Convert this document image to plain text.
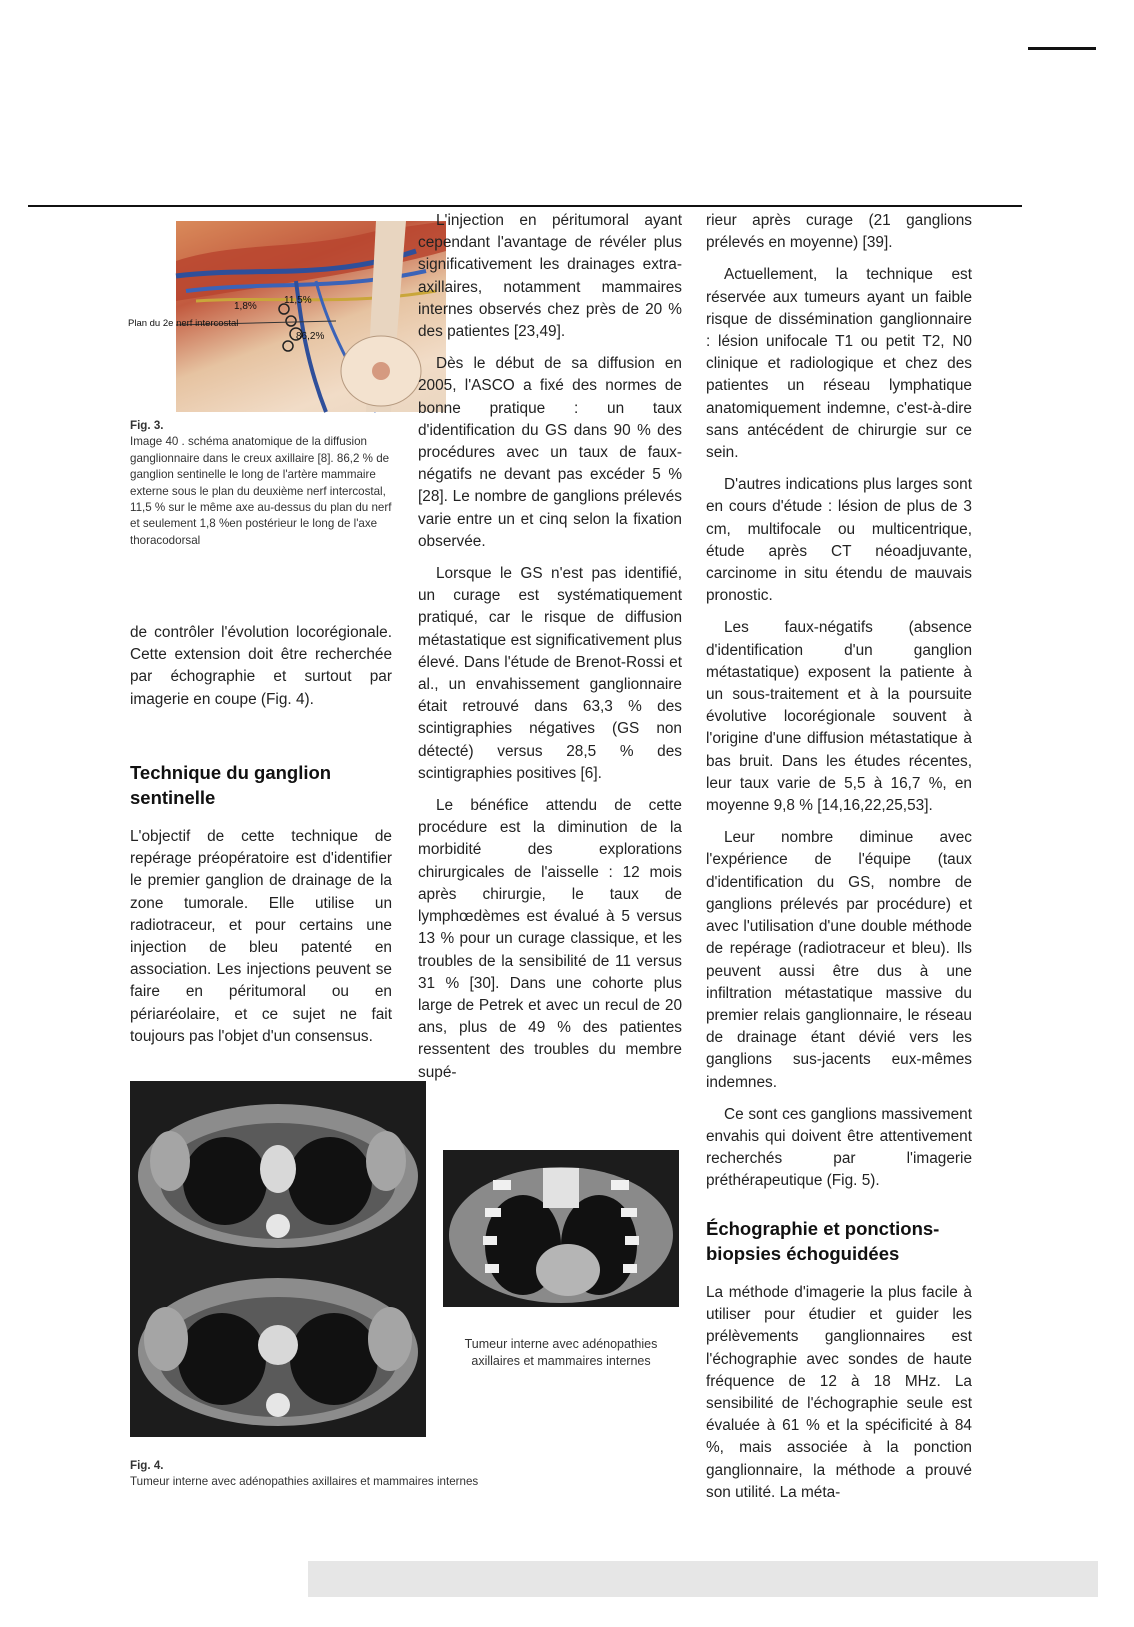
1,8%
11,5%
86,2%
Plan du 2e nerf intercostal
Fig. 3.
Image 40 . schéma anatomique de la diffusion ganglionnaire dans le creux axillaire [8]. 86,2 % de ganglion sentinelle le long de l'artère mammaire externe sous le plan du deuxième nerf intercostal, 11,5 % sur le même axe au-dessus du plan du nerf et seulement 1,8 %en postérieur le long de l'axe thoracodorsal

de contrôler l'évolution locorégionale. Cette extension doit être recherchée par échographie et surtout par imagerie en coupe (Fig. 4).

Technique du ganglion sentinelle

L'objectif de cette technique de repérage préopératoire est d'identifier le premier ganglion de drainage de la zone tumorale. Elle utilise un radiotraceur, et pour certains une injection de bleu patenté en association. Les injections peuvent se faire en péritumoral ou en périaréolaire, et ce sujet ne fait toujours pas l'objet d'un consensus.

L'injection en péritumoral ayant cependant l'avantage de révéler plus significativement les drainages extra-axillaires, notamment mammaires internes observés chez près de 20 % des patientes [23,49].

Dès le début de sa diffusion en 2005, l'ASCO a fixé des normes de bonne pratique : un taux d'identification du GS dans 90 % des procédures avec un taux de faux-négatifs ne devant pas excéder 5 % [28]. Le nombre de ganglions prélevés varie entre un et cinq selon la fixation observée.

Lorsque le GS n'est pas identifié, un curage est systématiquement pratiqué, car le risque de diffusion métastatique est significativement plus élevé. Dans l'étude de Brenot-Rossi et al., un envahissement ganglionnaire était retrouvé dans 63,3 % des scintigraphies négatives (GS non détecté) versus 28,5 % des scintigraphies positives [6].

Le bénéfice attendu de cette procédure est la diminution de la morbidité des explorations chirurgicales de l'aisselle : 12 mois après chirurgie, le taux de lymphœdèmes est évalué à 5 versus 13 % pour un curage classique, et les troubles de la sensibilité de 11 versus 31 % [30]. Dans une cohorte plus large de Petrek et avec un recul de 20 ans, plus de 49 % des patientes ressentent des troubles du membre supé-

rieur après curage (21 ganglions prélevés en moyenne) [39].

Actuellement, la technique est réservée aux tumeurs ayant un faible risque de dissémination ganglionnaire : lésion unifocale T1 ou petit T2, N0 clinique et radiologique et chez des patientes un réseau lymphatique anatomiquement indemne, c'est-à-dire sans antécédent de chirurgie sur ce sein.

D'autres indications plus larges sont en cours d'étude : lésion de plus de 3 cm, multifocale ou multicentrique, étude après CT néoadjuvante, carcinome in situ étendu de mauvais pronostic.

Les faux-négatifs (absence d'identification d'un ganglion métastatique) exposent la patiente à un sous-traitement et à la poursuite évolutive locorégionale souvent à l'origine d'une diffusion métastatique à bas bruit. Dans les études récentes, leur taux varie de 5,5 à 16,7 %, en moyenne 9,8 % [14,16,22,25,53].

Leur nombre diminue avec l'expérience de l'équipe (taux d'identification du GS, nombre de ganglions prélevés par procédure) et avec l'utilisation d'une double méthode de repérage (radiotraceur et bleu). Ils peuvent aussi être dus à une infiltration métastatique massive du premier relais ganglionnaire, le réseau de drainage étant dévié vers les ganglions sus-jacents eux-mêmes indemnes.

Ce sont ces ganglions massivement envahis qui doivent être attentivement recherchés par l'imagerie préthérapeutique (Fig. 5).

Échographie et ponctions-biopsies échoguidées

La méthode d'imagerie la plus facile à utiliser pour étudier et guider les prélèvements ganglionnaires est l'échographie avec sondes de haute fréquence de 12 à 18 MHz. La sensibilité de l'échographie seule est évaluée à 61 % et la spécificité à 84 %, mais associée à la ponction ganglionnaire, la méthode a prouvé son utilité. La méta-

Tumeur interne avec adénopathies axillaires et mammaires internes
Fig. 4.
Tumeur interne avec adénopathies axillaires et mammaires internes
